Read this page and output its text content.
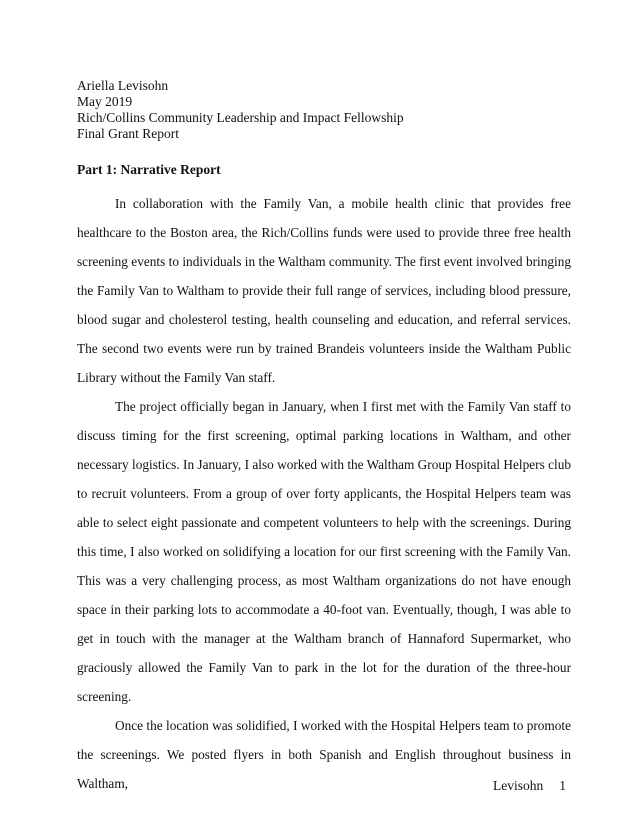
Ariella Levisohn
May 2019
Rich/Collins Community Leadership and Impact Fellowship
Final Grant Report
Part 1: Narrative Report

In collaboration with the Family Van, a mobile health clinic that provides free healthcare to the Boston area, the Rich/Collins funds were used to provide three free health screening events to individuals in the Waltham community. The first event involved bringing the Family Van to Waltham to provide their full range of services, including blood pressure, blood sugar and cholesterol testing, health counseling and education, and referral services. The second two events were run by trained Brandeis volunteers inside the Waltham Public Library without the Family Van staff.

The project officially began in January, when I first met with the Family Van staff to discuss timing for the first screening, optimal parking locations in Waltham, and other necessary logistics. In January, I also worked with the Waltham Group Hospital Helpers club to recruit volunteers. From a group of over forty applicants, the Hospital Helpers team was able to select eight passionate and competent volunteers to help with the screenings. During this time, I also worked on solidifying a location for our first screening with the Family Van. This was a very challenging process, as most Waltham organizations do not have enough space in their parking lots to accommodate a 40-foot van. Eventually, though, I was able to get in touch with the manager at the Waltham branch of Hannaford Supermarket, who graciously allowed the Family Van to park in the lot for the duration of the three-hour screening.

Once the location was solidified, I worked with the Hospital Helpers team to promote the screenings. We posted flyers in both Spanish and English throughout business in Waltham,	Levisohn 1
